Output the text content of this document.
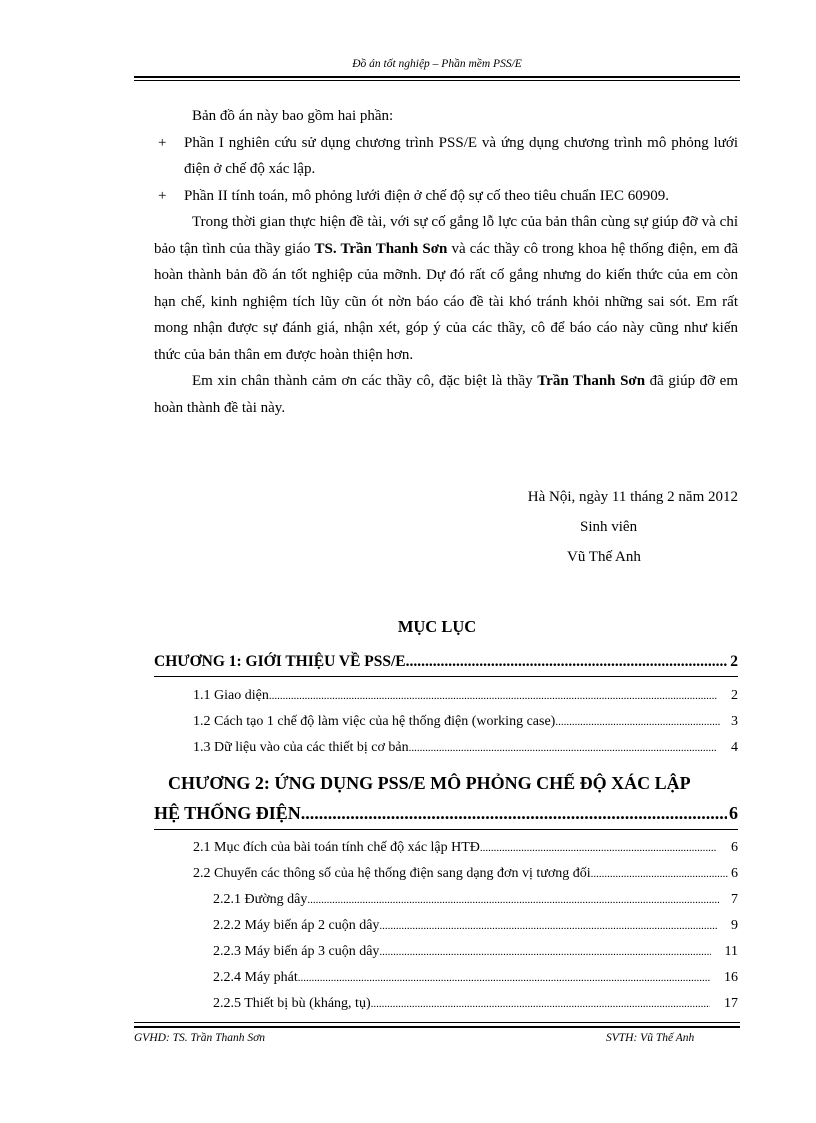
Đồ án tốt nghiệp – Phần mềm PSS/E

Bản đồ án này bao gồm hai phần:

+ Phần I nghiên cứu sử dụng chương trình PSS/E và ứng dụng chương trình mô phỏng lưới điện ở chế độ xác lập.
+ Phần II tính toán, mô phỏng lưới điện ở chế độ sự cố theo tiêu chuẩn IEC 60909.

Trong thời gian thực hiện đề tài, với sự cố gắng lỗ lực của bản thân cùng sự giúp đỡ và chỉ bảo tận tình của thầy giáo TS. Trần Thanh Sơn và các thầy cô trong khoa hệ thống điện, em đã hoàn thành bản đồ án tốt nghiệp của mỡnh. Dự đó rất cố gắng nhưng do kiến thức của em còn hạn chế, kinh nghiệm tích lũy cũn ót nờn báo cáo đề tài khó tránh khỏi những sai sót. Em rất mong nhận được sự đánh giá, nhận xét, góp ý của các thầy, cô để báo cáo này cũng như kiến thức của bản thân em được hoàn thiện hơn.

Em xin chân thành cảm ơn các thầy cô, đặc biệt là thầy Trần Thanh Sơn đã giúp đỡ em hoàn thành đề tài này.

Hà Nội, ngày 11 tháng 2 năm 2012
Sinh viên
Vũ Thế Anh
MỤC LỤC
CHƯƠNG 1: GIỚI THIỆU VỀ PSS/E .....	2
1.1 Giao diện .....	2
1.2 Cách tạo 1 chế độ làm việc của hệ thống điện (working case) .....	3
1.3 Dữ liệu vào của các thiết bị cơ bản .....	4
CHƯƠNG 2: ỨNG DỤNG PSS/E MÔ PHỎNG CHẾ ĐỘ XÁC LẬP
HỆ THỐNG ĐIỆN .....	6
2.1 Mục đích của bài toán tính chế độ xác lập HTĐ .....	6
2.2 Chuyển các thông số của hệ thống điện sang dạng đơn vị tương đối .....	6
2.2.1 Đường dây .....	7
2.2.2 Máy biến áp 2 cuộn dây .....	9
2.2.3 Máy biến áp 3 cuộn dây .....	11
2.2.4 Máy phát .....	16
2.2.5 Thiết bị bù (kháng, tụ) .....	17
GVHD: TS. Trần Thanh Sơn	SVTH: Vũ Thế Anh
